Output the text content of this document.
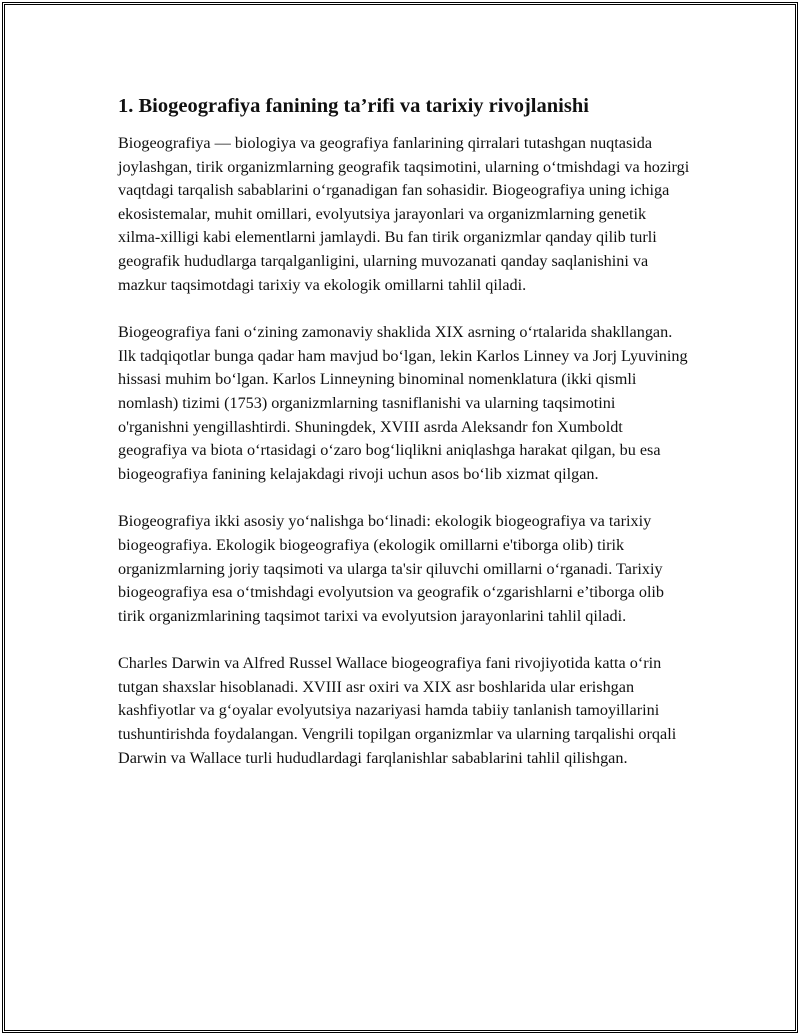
1. Biogeografiya fanining ta’rifi va tarixiy rivojlanishi

Biogeografiya — biologiya va geografiya fanlarining qirralari tutashgan nuqtasida joylashgan, tirik organizmlarning geografik taqsimotini, ularning oʻtmishdagi va hozirgi vaqtdagi tarqalish sabablarini oʻrganadigan fan sohasidir. Biogeografiya uning ichiga ekosistemalar, muhit omillari, evolyutsiya jarayonlari va organizmlarning genetik xilma-xilligi kabi elementlarni jamlaydi. Bu fan tirik organizmlar qanday qilib turli geografik hududlarga tarqalganligini, ularning muvozanati qanday saqlanishini va mazkur taqsimotdagi tarixiy va ekologik omillarni tahlil qiladi.

Biogeografiya fani oʻzining zamonaviy shaklida XIX asrning oʻrtalarida shakllangan. Ilk tadqiqotlar bunga qadar ham mavjud boʻlgan, lekin Karlos Linney va Jorj Lyuvining hissasi muhim boʻlgan. Karlos Linneyning binominal nomenklatura (ikki qismli nomlash) tizimi (1753) organizmlarning tasniflanishi va ularning taqsimotini o'rganishni yengillashtirdi. Shuningdek, XVIII asrda Aleksandr fon Xumboldt geografiya va biota oʻrtasidagi oʻzaro bogʻliqlikni aniqlashga harakat qilgan, bu esa biogeografiya fanining kelajakdagi rivoji uchun asos boʻlib xizmat qilgan.

Biogeografiya ikki asosiy yoʻnalishga boʻlinadi: ekologik biogeografiya va tarixiy biogeografiya. Ekologik biogeografiya (ekologik omillarni e'tiborga olib) tirik organizmlarning joriy taqsimoti va ularga ta'sir qiluvchi omillarni oʻrganadi. Tarixiy biogeografiya esa oʻtmishdagi evolyutsion va geografik oʻzgarishlarni e’tiborga olib tirik organizmlarining taqsimot tarixi va evolyutsion jarayonlarini tahlil qiladi.

Charles Darwin va Alfred Russel Wallace biogeografiya fani rivojiyotida katta oʻrin tutgan shaxslar hisoblanadi. XVIII asr oxiri va XIX asr boshlarida ular erishgan kashfiyotlar va gʻoyalar evolyutsiya nazariyasi hamda tabiiy tanlanish tamoyillarini tushuntirishda foydalangan. Vengrili topilgan organizmlar va ularning tarqalishi orqali Darwin va Wallace turli hududlardagi farqlanishlar sabablarini tahlil qilishgan.
